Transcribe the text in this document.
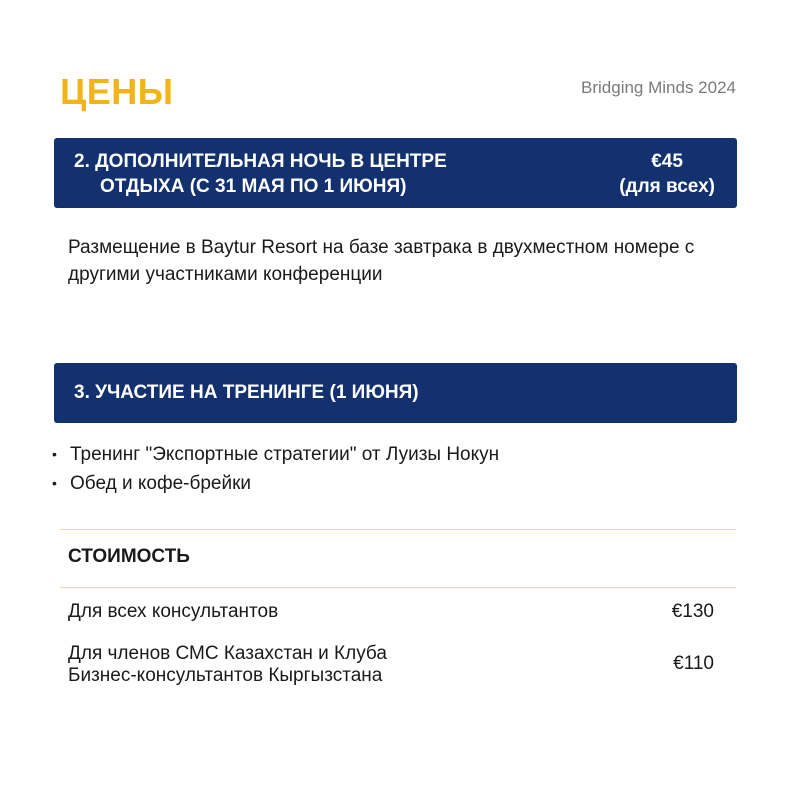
ЦЕНЫ	Bridging Minds 2024
2. ДОПОЛНИТЕЛЬНАЯ НОЧЬ В ЦЕНТРЕ
ОТДЫХА (С 31 МАЯ ПО 1 ИЮНЯ)
€45
(для всех)

Размещение в Baytur Resort на базе завтрака в двухместном номере с другими участниками конференции

3. УЧАСТИЕ НА ТРЕНИНГЕ (1 ИЮНЯ)
• Тренинг "Экспортные стратегии" от Луизы Нокун
• Обед и кофе-брейки
СТОИМОСТЬ
Для всех консультантов	€130
Для членов СМС Казахстан и Клуба
Бизнес-консультантов Кыргызстана
€110
